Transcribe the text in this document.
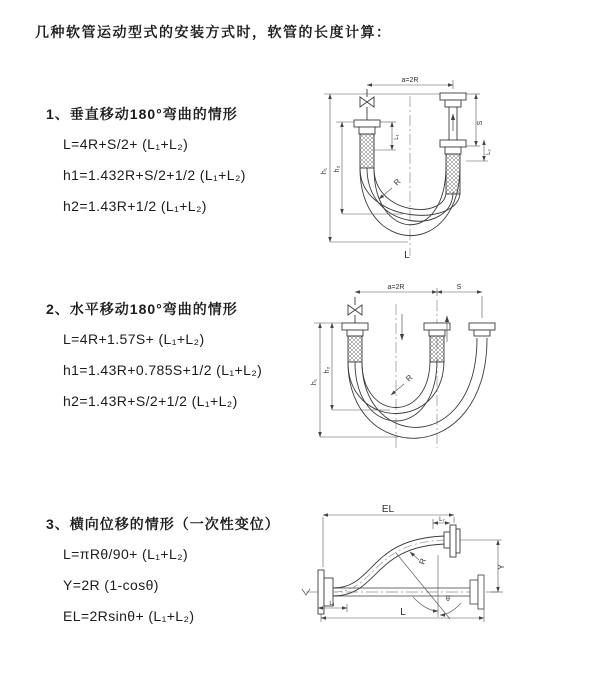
几种软管运动型式的安装方式时，软管的长度计算：
1、垂直移动180°弯曲的情形
L=4R+S/2+ (L₁+L₂)
h1=1.432R+S/2+1/2 (L₁+L₂)
h2=1.43R+1/2 (L₁+L₂)
2、水平移动180°弯曲的情形
L=4R+1.57S+ (L₁+L₂)
h1=1.43R+0.785S+1/2 (L₁+L₂)
h2=1.43R+S/2+1/2 (L₁+L₂)
3、横向位移的情形（一次性变位）
L=πRθ/90+ (L₁+L₂)
Y=2R (1-cosθ)
EL=2Rsinθ+ (L₁+L₂)
a=2R
S
h₁ h₂
L₁
L₂
R
L
a=2R	S
h₁
h₂
R
EL
L₂
Y
R
θ
L
L₁
